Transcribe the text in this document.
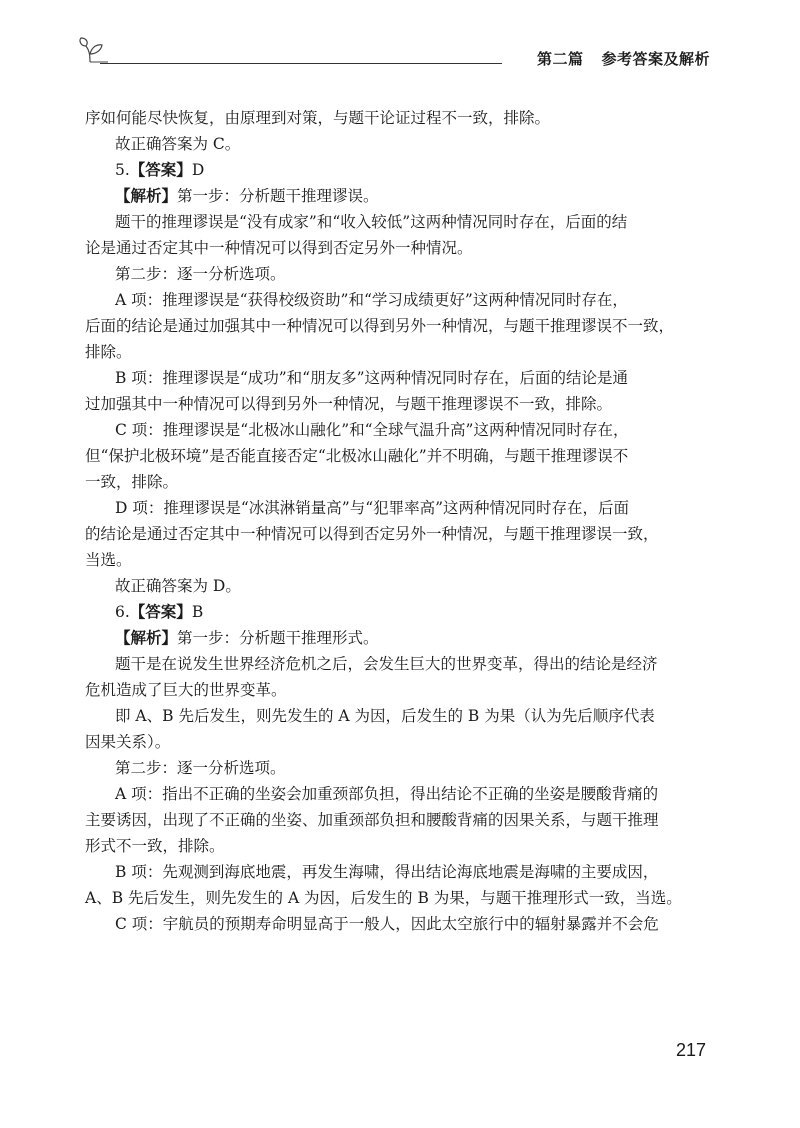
第二篇 参考答案及解析
序如何能尽快恢复，由原理到对策，与题干论证过程不一致，排除。
故正确答案为 C。
5.【答案】D
【解析】第一步：分析题干推理谬误。
题干的推理谬误是“没有成家”和“收入较低”这两种情况同时存在，后面的结
论是通过否定其中一种情况可以得到否定另外一种情况。
第二步：逐一分析选项。
A 项：推理谬误是“获得校级资助”和“学习成绩更好”这两种情况同时存在，
后面的结论是通过加强其中一种情况可以得到另外一种情况，与题干推理谬误不一致，
排除。
B 项：推理谬误是“成功”和“朋友多”这两种情况同时存在，后面的结论是通
过加强其中一种情况可以得到另外一种情况，与题干推理谬误不一致，排除。
C 项：推理谬误是“北极冰山融化”和“全球气温升高”这两种情况同时存在，
但“保护北极环境”是否能直接否定“北极冰山融化”并不明确，与题干推理谬误不
一致，排除。
D 项：推理谬误是“冰淇淋销量高”与“犯罪率高”这两种情况同时存在，后面
的结论是通过否定其中一种情况可以得到否定另外一种情况，与题干推理谬误一致，
当选。
故正确答案为 D。
6.【答案】B
【解析】第一步：分析题干推理形式。
题干是在说发生世界经济危机之后，会发生巨大的世界变革，得出的结论是经济
危机造成了巨大的世界变革。
即 A、B 先后发生，则先发生的 A 为因，后发生的 B 为果（认为先后顺序代表
因果关系）。
第二步：逐一分析选项。
A 项：指出不正确的坐姿会加重颈部负担，得出结论不正确的坐姿是腰酸背痛的
主要诱因，出现了不正确的坐姿、加重颈部负担和腰酸背痛的因果关系，与题干推理
形式不一致，排除。
B 项：先观测到海底地震，再发生海啸，得出结论海底地震是海啸的主要成因，
A、B 先后发生，则先发生的 A 为因，后发生的 B 为果，与题干推理形式一致，当选。
C 项：宇航员的预期寿命明显高于一般人，因此太空旅行中的辐射暴露并不会危
217
